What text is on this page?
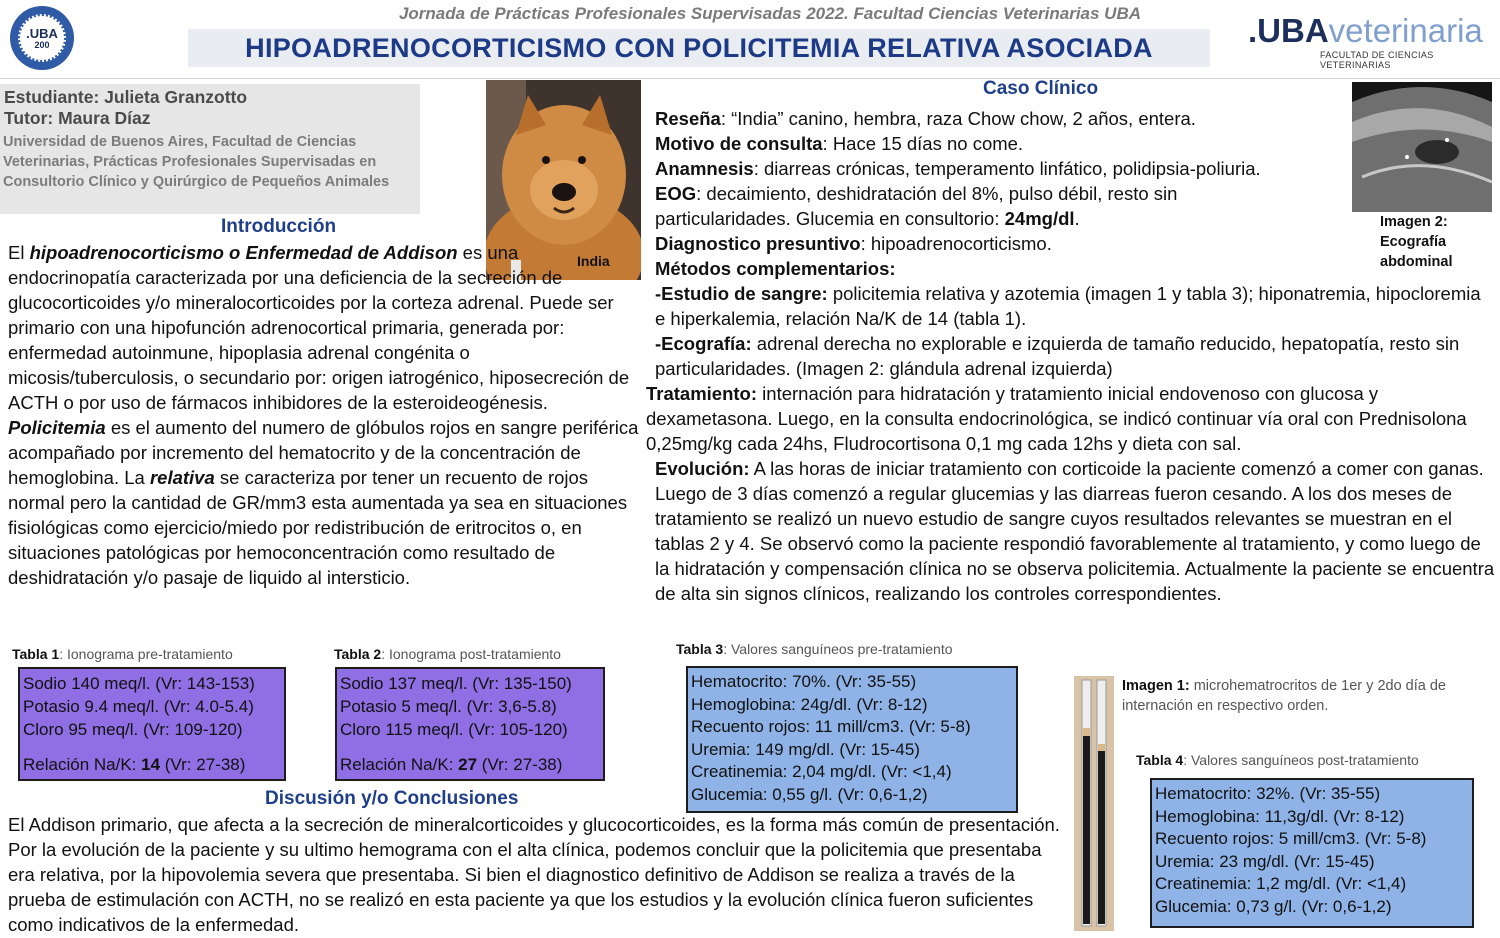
.UBA
200
Jornada de Prácticas Profesionales Supervisadas 2022. Facultad Ciencias Veterinarias UBA
HIPOADRENOCORTICISMO CON POLICITEMIA RELATIVA ASOCIADA	.UBAveterinaria
FACULTAD DE CIENCIAS VETERINARIAS
Estudiante: Julieta Granzotto
Tutor: Maura Díaz
Universidad de Buenos Aires, Facultad de Ciencias Veterinarias, Prácticas Profesionales Supervisadas en Consultorio Clínico y Quirúrgico de Pequeños Animales
India
Introducción

El hipoadrenocorticismo o Enfermedad de Addison es una endocrinopatía caracterizada por una deficiencia de la secreción de glucocorticoides y/o mineralocorticoides por la corteza adrenal. Puede ser primario con una hipofunción adrenocortical primaria, generada por: enfermedad autoinmune, hipoplasia adrenal congénita o micosis/tuberculosis, o secundario por: origen iatrogénico, hiposecreción de ACTH o por uso de fármacos inhibidores de la esteroideogénesis.

Policitemia es el aumento del numero de glóbulos rojos en sangre periférica acompañado por incremento del hematocrito y de la concentración de hemoglobina. La relativa se caracteriza por tener un recuento de rojos normal pero la cantidad de GR/mm3 esta aumentada ya sea en situaciones fisiológicas como ejercicio/miedo por redistribución de eritrocitos o, en situaciones patológicas por hemoconcentración como resultado de deshidratación y/o pasaje de liquido al intersticio.

Tabla 1: Ionograma pre-tratamiento
Sodio 140 meq/l. (Vr: 143-153)
Potasio 9.4 meq/l. (Vr: 4.0-5.4)
Cloro 95 meq/l. (Vr: 109-120)
Relación Na/K: 14 (Vr: 27-38)
Tabla 2: Ionograma post-tratamiento
Sodio 137 meq/l. (Vr: 135-150)
Potasio 5 meq/l. (Vr: 3,6-5.8)
Cloro 115 meq/l. (Vr: 105-120)
Relación Na/K: 27 (Vr: 27-38)
Caso Clínico

Reseña: “India” canino, hembra, raza Chow chow, 2 años, entera.

Motivo de consulta: Hace 15 días no come.

Anamnesis: diarreas crónicas, temperamento linfático, polidipsia-poliuria.

EOG: decaimiento, deshidratación del 8%, pulso débil, resto sin particularidades. Glucemia en consultorio: 24mg/dl.

Diagnostico presuntivo: hipoadrenocorticismo.

Métodos complementarios:

-Estudio de sangre: policitemia relativa y azotemia (imagen 1 y tabla 3); hiponatremia, hipocloremia e hiperkalemia, relación Na/K de 14 (tabla 1).

-Ecografía: adrenal derecha no explorable e izquierda de tamaño reducido, hepatopatía, resto sin particularidades. (Imagen 2: glándula adrenal izquierda)

Tratamiento: internación para hidratación y tratamiento inicial endovenoso con glucosa y dexametasona. Luego, en la consulta endocrinológica, se indicó continuar vía oral con Prednisolona 0,25mg/kg cada 24hs, Fludrocortisona 0,1 mg cada 12hs y dieta con sal.

Evolución: A las horas de iniciar tratamiento con corticoide la paciente comenzó a comer con ganas. Luego de 3 días comenzó a regular glucemias y las diarreas fueron cesando. A los dos meses de tratamiento se realizó un nuevo estudio de sangre cuyos resultados relevantes se muestran en el tablas 2 y 4. Se observó como la paciente respondió favorablemente al tratamiento, y como luego de la hidratación y compensación clínica no se observa policitemia. Actualmente la paciente se encuentra de alta sin signos clínicos, realizando los controles correspondientes.

Imagen 2: Ecografía abdominal
Tabla 3: Valores sanguíneos pre-tratamiento
Hematocrito: 70%. (Vr: 35-55)
Hemoglobina: 24g/dl. (Vr: 8-12)
Recuento rojos: 11 mill/cm3. (Vr: 5-8)
Uremia: 149 mg/dl. (Vr: 15-45)
Creatinemia: 2,04 mg/dl. (Vr: <1,4)
Glucemia: 0,55 g/l. (Vr: 0,6-1,2)
Imagen 1: microhematrocritos de 1er y 2do día de internación en respectivo orden.
Tabla 4: Valores sanguíneos post-tratamiento
Hematocrito: 32%. (Vr: 35-55)
Hemoglobina: 11,3g/dl. (Vr: 8-12)
Recuento rojos: 5 mill/cm3. (Vr: 5-8)
Uremia: 23 mg/dl. (Vr: 15-45)
Creatinemia: 1,2 mg/dl. (Vr: <1,4)
Glucemia: 0,73 g/l. (Vr: 0,6-1,2)
Discusión y/o Conclusiones

El Addison primario, que afecta a la secreción de mineralcorticoides y glucocorticoides, es la forma más común de presentación. Por la evolución de la paciente y su ultimo hemograma con el alta clínica, podemos concluir que la policitemia que presentaba era relativa, por la hipovolemia severa que presentaba. Si bien el diagnostico definitivo de Addison se realiza a través de la prueba de estimulación con ACTH, no se realizó en esta paciente ya que los estudios y la evolución clínica fueron suficientes como indicativos de la enfermedad.
